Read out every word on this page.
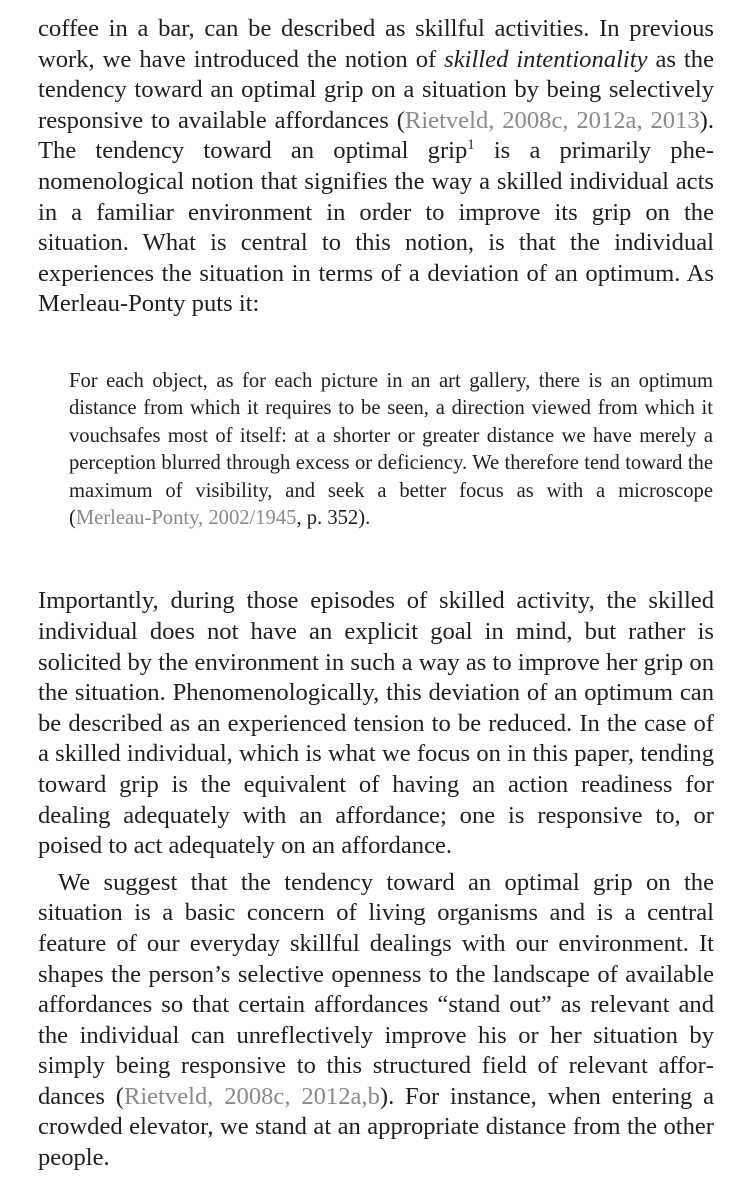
coffee in a bar, can be described as skillful activities. In previous work, we have introduced the notion of skilled intentionality as the tendency toward an optimal grip on a situation by being selectively responsive to available affordances (Rietveld, 2008c, 2012a, 2013). The tendency toward an optimal grip$^1$ is a primarily phenomenological notion that signifies the way a skilled individual acts in a familiar environment in order to improve its grip on the situation. What is central to this notion, is that the individual experiences the situation in terms of a deviation of an optimum. As Merleau-Ponty puts it:

For each object, as for each picture in an art gallery, there is an optimum distance from which it requires to be seen, a direction viewed from which it vouchsafes most of itself: at a shorter or greater distance we have merely a perception blurred through excess or deficiency. We therefore tend toward the maximum of visibility, and seek a better focus as with a microscope (Merleau-Ponty, 2002/1945, p. 352).

Importantly, during those episodes of skilled activity, the skilled individual does not have an explicit goal in mind, but rather is solicited by the environment in such a way as to improve her grip on the situation. Phenomenologically, this deviation of an optimum can be described as an experienced tension to be reduced. In the case of a skilled individual, which is what we focus on in this paper, tending toward grip is the equivalent of having an action readiness for dealing adequately with an affordance; one is responsive to, or poised to act adequately on an affordance.

We suggest that the tendency toward an optimal grip on the situation is a basic concern of living organisms and is a central feature of our everyday skillful dealings with our environment. It shapes the person’s selective openness to the landscape of available affordances so that certain affordances “stand out” as relevant and the individual can unreflectively improve his or her situation by simply being responsive to this structured field of relevant affordances (Rietveld, 2008c, 2012a,b). For instance, when entering a crowded elevator, we stand at an appropriate distance from the other people.
